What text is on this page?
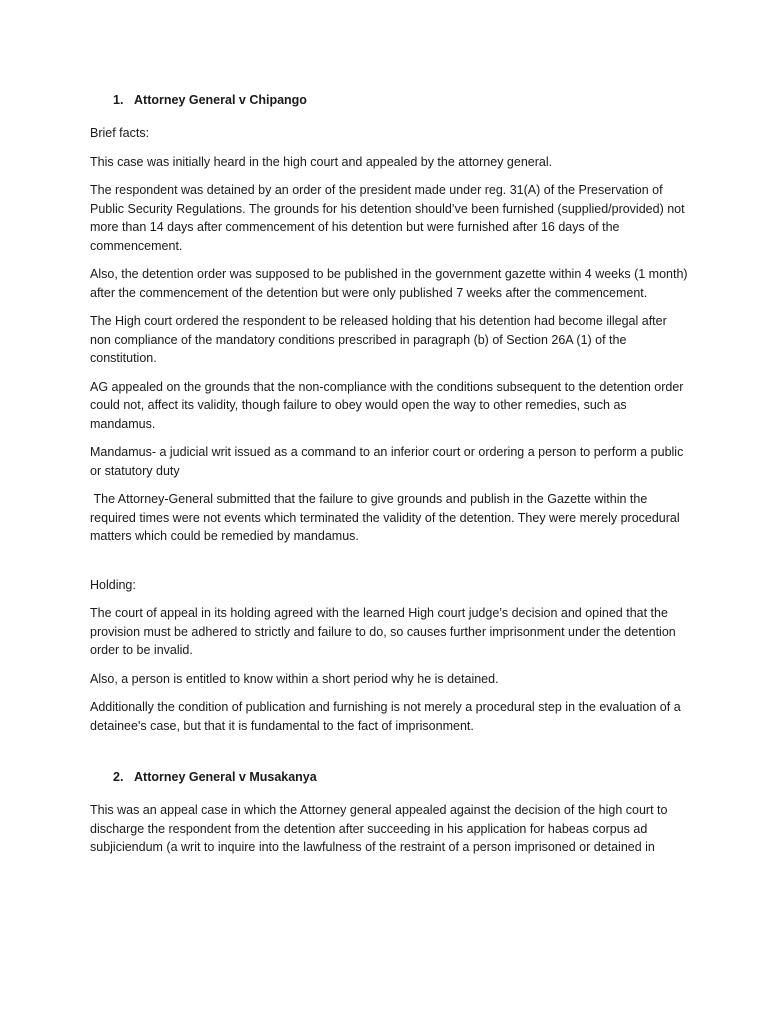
1. Attorney General v Chipango

Brief facts:

This case was initially heard in the high court and appealed by the attorney general.

The respondent was detained by an order of the president made under reg. 31(A) of the Preservation of Public Security Regulations. The grounds for his detention should’ve been furnished (supplied/provided) not more than 14 days after commencement of his detention but were furnished after 16 days of the commencement.

Also, the detention order was supposed to be published in the government gazette within 4 weeks (1 month) after the commencement of the detention but were only published 7 weeks after the commencement.

The High court ordered the respondent to be released holding that his detention had become illegal after non compliance of the mandatory conditions prescribed in paragraph (b) of Section 26A (1) of the constitution.

AG appealed on the grounds that the non-compliance with the conditions subsequent to the detention order could not, affect its validity, though failure to obey would open the way to other remedies, such as mandamus.

Mandamus- a judicial writ issued as a command to an inferior court or ordering a person to perform a public or statutory duty

The Attorney-General submitted that the failure to give grounds and publish in the Gazette within the required times were not events which terminated the validity of the detention. They were merely procedural matters which could be remedied by mandamus.

Holding:

The court of appeal in its holding agreed with the learned High court judge’s decision and opined that the provision must be adhered to strictly and failure to do, so causes further imprisonment under the detention order to be invalid.

Also, a person is entitled to know within a short period why he is detained.

Additionally the condition of publication and furnishing is not merely a procedural step in the evaluation of a detainee's case, but that it is fundamental to the fact of imprisonment.

2. Attorney General v Musakanya

This was an appeal case in which the Attorney general appealed against the decision of the high court to discharge the respondent from the detention after succeeding in his application for habeas corpus ad subjiciendum (a writ to inquire into the lawfulness of the restraint of a person imprisoned or detained in
